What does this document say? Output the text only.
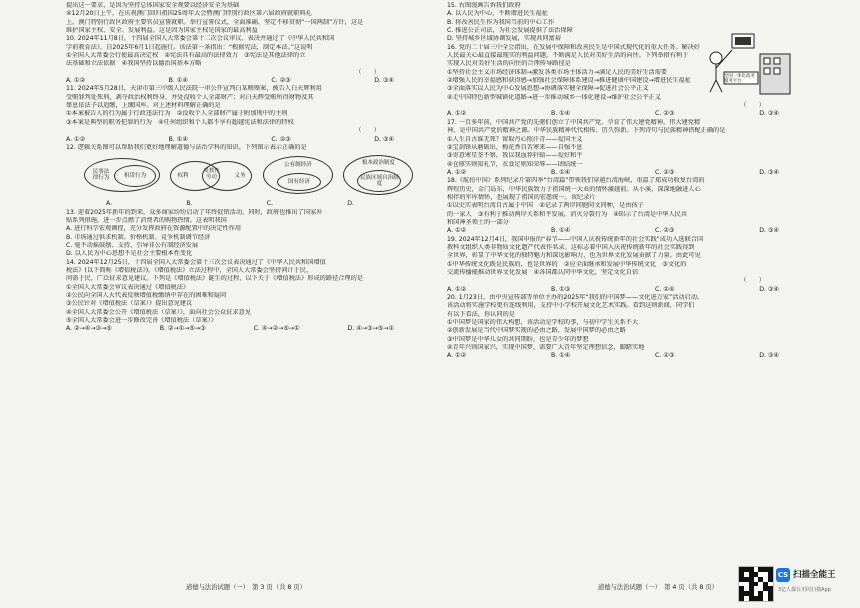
提出这一要求，是因为坚持总体国家安全观要以经济安全为基础
④12月20日上午，在庆祝澳门回归祖国25周年大会暨澳门特别行政区第六届政府就职典礼
上，澳门特别行政区政府主要官员宣誓就职。举行宣誓仪式，全面准确、坚定不移贯彻“一国两制”方针，这是
维护国家主权、安全、发展利益。这是因为国家主权是国家的最高利益
10. 2024年11月8日，十四届全国人大常委会第十二次会议审议、表决并通过了《中华人民共和国
学前教育法》，自2025年6月1日起施行。该法第一条指出：“根据宪法，制定本法。”这说明
①全国人大常委会行使最高决定权　②宪法具有最高的法律效力　③宪法是其他法律的立
法基础和立法依据　④我国坚持以德治国基本方略
（　　）
A. ①②	B. ①④	C. ②③	D. ③④
11. 2024年5月28日，天津市第三中级人民法院一审公开宣判白某贿赂案，被告人白天辉利用
受贿罪判处死刑，剥夺政治权利终身，并处没收个人全部财产；对白天辉受贿所得财物及其
孳息依法予以追缴，上缴国库。对上述材料理解正确的是
①本案被告人的行为属于行政违法行为　②没收个人全部财产属于附加刑中的主刑
③本案是典型的职务犯罪的行为　④任何组织和个人都不享有超越宪法和法律的特权
（　　）
A. ①②	B. ①④	C. ②③	D. ③④
12. 逻辑关系图可以帮助我们更好地理解道德与法治学科的知识。下列图示表示正确的是
民事法律行为	租赁行为	权利	义务
受教育劳动
公有制经济
国有经济
根本政治制度
民族区域自治制度
A.	B.	C.	D.
13. 迎着2025年新年的到来，众多商家纷纷启动了年终促销活动，同时，政府也推出了国家补
贴系列措施，进一步点燃了消费者的购物热情。这表明我国
A. 进行科学宏观调控，充分发挥政府在资源配置中的决定性作用
B. 市场通过供求机制、价格机制、竞争机制调节经济
C. 毫不动摇鼓励、支持、引导非公有制经济发展
D. 以人民为中心思想不是社会主要根本性变化
14. 2024年12月25日，十四届全国人大常委会第十三次会议表决通过了《中华人民共和国增值
税法》(以下简称《增值税法》)。《增值税法》立法过程中，全国人大常委会坚持问计于民、
问需于民，广泛征求意见建议。下列是《增值税法》诞生的过程，以下关于《增值税法》形成的路径合理的是
①全国人大常委会审议表决通过《增值税法》
②公民向全国人大代表反映增值税缴纳中存在的困难和疑问
③公民针对《增值税法（草案）》提出意见建议
④全国人大常委会公开《增值税法（草案）》，面向社会公众征求意见
⑤全国人大常委会进一步修改完善《增值税法（草案）》
A. ②→④→③→⑤	B. ②→①→⑤→③	C. ④→②→⑤→①	D. ④→③→⑤→①
15. 右图漫画告诉我们政府
A. 以人民为中心，不断增进民生福祉
B. 将改善民生作为我国当前的中心工作
C. 推进公正司法，为社会发展提供了法治保障
D. 坚持城乡区域协调发展，实现共同富裕
16. 党的二十届三中全会指出，在发展中保障和改善民生是中国式现代化的重大任务。解决好
人民最关心最直接最现实的利益问题，不断满足人民对美好生活的向往。下列举措有利于
实现人民对美好生活的向往的合理传导路径是
①坚持社会主义市场经济体制→激发各类市场主体活力→满足人民的美好生活需要
②增强人民的幸福感和获得感→加强社会保障体系建设→推进健康中国建设→增进民生福祉
③全面落实以人民为中心发展思想→协调落实健全保障→促进社会公平正义
④走中国特色新型城镇化道路→进一步推动城乡一体化建设→维护社会公平正义
（　　）
A. ①②	B. ①④	C. ②③	D. ③④
17. 一百多年前，中国共产党的先驱们创立了中国共产党，孕育了伟大建党精神。伟大建党精
神，是中国共产党的精神之源。中华民族精神代代相传、历久弥新。下列诗句与民族精神搭配正确的是
①人生自古谁无死？留取丹心照汗青——爱国主义
②宝剑锋从磨砺出，梅花香自苦寒来——自强不息
③寄意寒星荃不察，我以我血荐轩辕——爱好和平
④仓廪实则知礼节，衣食足则知荣辱——团结统一
A. ①②	B. ①④	C. ②③	D. ③④
18.《航拍中国》系列纪录片第四季“台湾篇”带领我们穿越台湾海峡，重温了郑成功收复台湾的
辉煌历史，金门岛东，中华民族致力于祖国统一大业的情怀激越前。从小溪，深深地融进人心
相伴的军库情怀，也展现了祖国的宏愿统一。该纪录片
①以史实表明台湾自古属于中国　②记录了两岸同胞同文同种，是由孩子
的一家人　③有利于推动两岸关系和平发展，消灭分裂行为　④昭示了台湾是中华人民共
和国神圣领土的一部分
A. ①②	B. ①④	C. ②③	D. ③④
19. 2024年12月4日，我国申报的“春节——中国人庆祝传统新年的社会实践”成功入选联合国
教科文组织人类非物质文化遗产代表作名录。这标志着中国人庆祝传统新年的社会实践得到
全世界，彰显了中华文化的独特魅力和深远影响力，也为世界文化发展贡献了力量。由此可见
①中华传统文化既是民族的，也是世界的　②应全面继承和发展中华传统文化　③文化的
交流传播能推动世界文化发展　④各国都认同中华文化，坚定文化自信
（　　）
A. ①②	B. ①③	C. ②④	D. ③④
20. 1月23日，由中央宣传部等单位主办的2025年“我们的中国梦——文化进万家”活动启动。
该活动将实施学校更有连线利用，支持中小学校开展文化艺术实践。看到这则新闻，同学们
有以下看法，你认同的是
①中国梦是国家的伟大构想，该活动是学校的事，与初中学生关系不大
②创新发展是当代中国梦实现的必由之路，发展中国梦的必由之路
③中国梦是中华儿女的共同期盼，也是青少年的梦想
④青年兴则国家兴，实现中国梦，需要广大青年坚定理想信念，脚踏实地
A. ①②	B. ①④	C. ②③	D. ③④
全国一体化政务服务平台
道德与法治试题（一）　第 3 页（共 8 页）	道德与法治试题（一）　第 4 页（共 8 页）
CS 扫描全能王
3亿人都在用的扫描App
